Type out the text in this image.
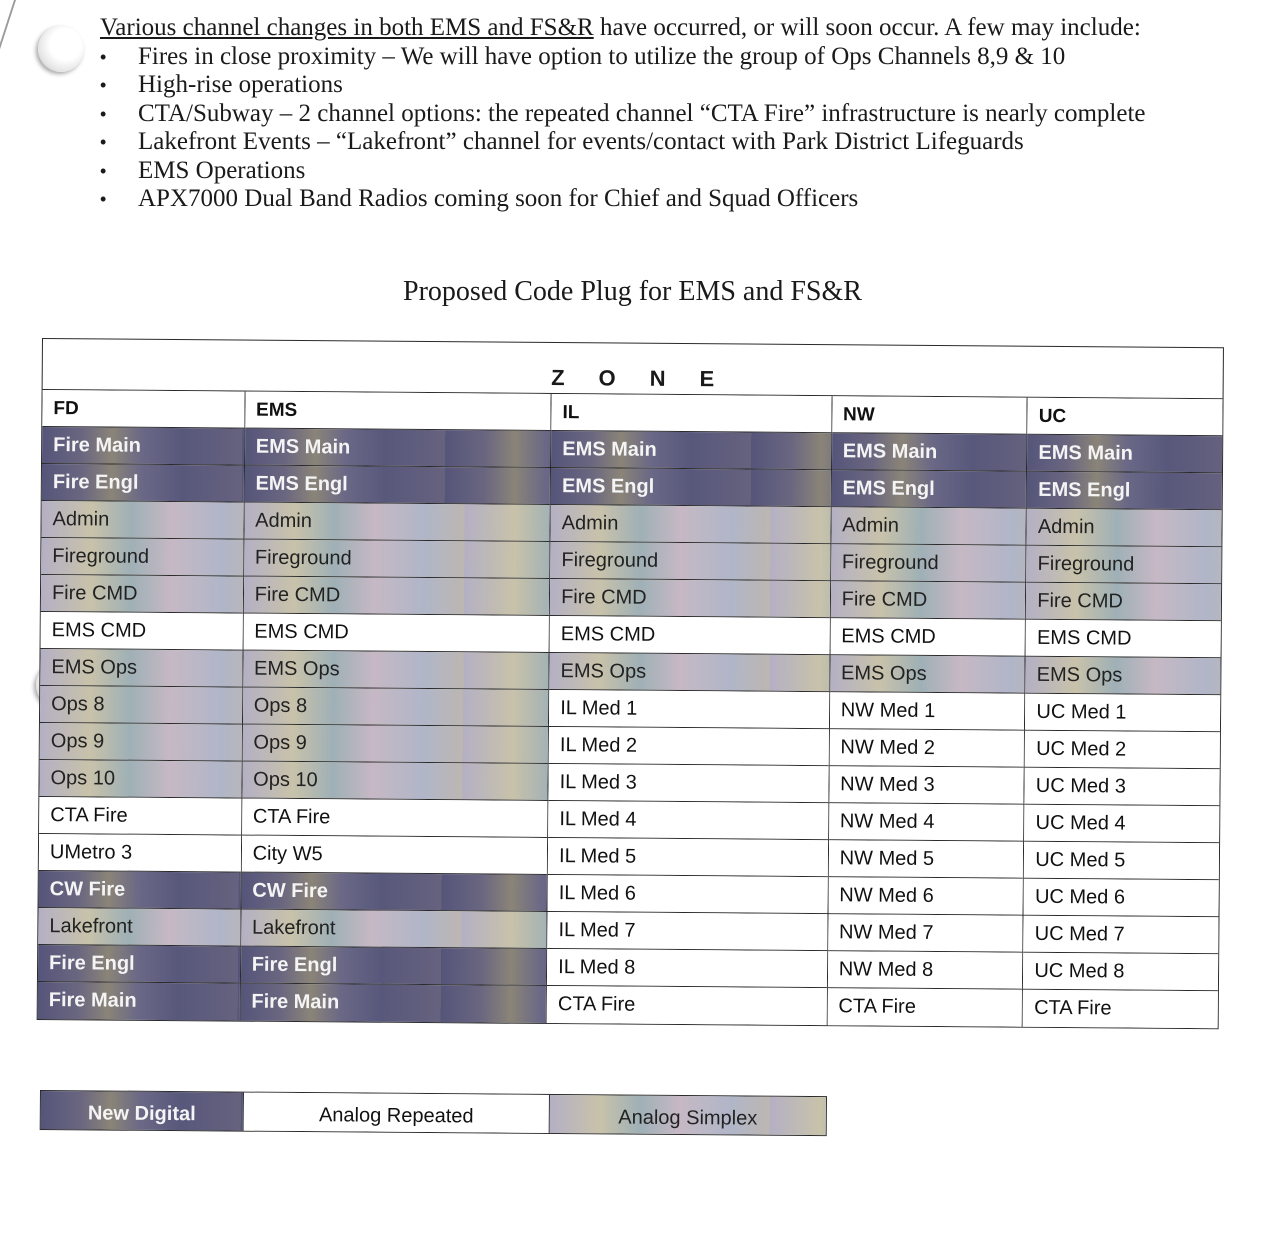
Various channel changes in both EMS and FS&R have occurred, or will soon occur. A few may include:

• Fires in close proximity – We will have option to utilize the group of Ops Channels 8,9 & 10
• High-rise operations
• CTA/Subway – 2 channel options: the repeated channel “CTA Fire” infrastructure is nearly complete
• Lakefront Events – “Lakefront” channel for events/contact with Park District Lifeguards
• EMS Operations
• APX7000 Dual Band Radios coming soon for Chief and Squad Officers
Proposed Code Plug for EMS and FS&R
ZONE
FD
Fire Main
Fire Engl
Admin
Fireground
Fire CMD
EMS CMD
EMS Ops
Ops 8
Ops 9
Ops 10
CTA Fire
UMetro 3
CW Fire
Lakefront
Fire Engl
Fire Main
EMS
EMS Main
EMS Engl
Admin
Fireground
Fire CMD
EMS CMD
EMS Ops
Ops 8
Ops 9
Ops 10
CTA Fire
City W5
CW Fire
Lakefront
Fire Engl
Fire Main
IL
EMS Main
EMS Engl
Admin
Fireground
Fire CMD
EMS CMD
EMS Ops
IL Med 1
IL Med 2
IL Med 3
IL Med 4
IL Med 5
IL Med 6
IL Med 7
IL Med 8
CTA Fire
NW
EMS Main
EMS Engl
Admin
Fireground
Fire CMD
EMS CMD
EMS Ops
NW Med 1
NW Med 2
NW Med 3
NW Med 4
NW Med 5
NW Med 6
NW Med 7
NW Med 8
CTA Fire
UC
EMS Main
EMS Engl
Admin
Fireground
Fire CMD
EMS CMD
EMS Ops
UC Med 1
UC Med 2
UC Med 3
UC Med 4
UC Med 5
UC Med 6
UC Med 7
UC Med 8
CTA Fire
New Digital	Analog Repeated	Analog Simplex
